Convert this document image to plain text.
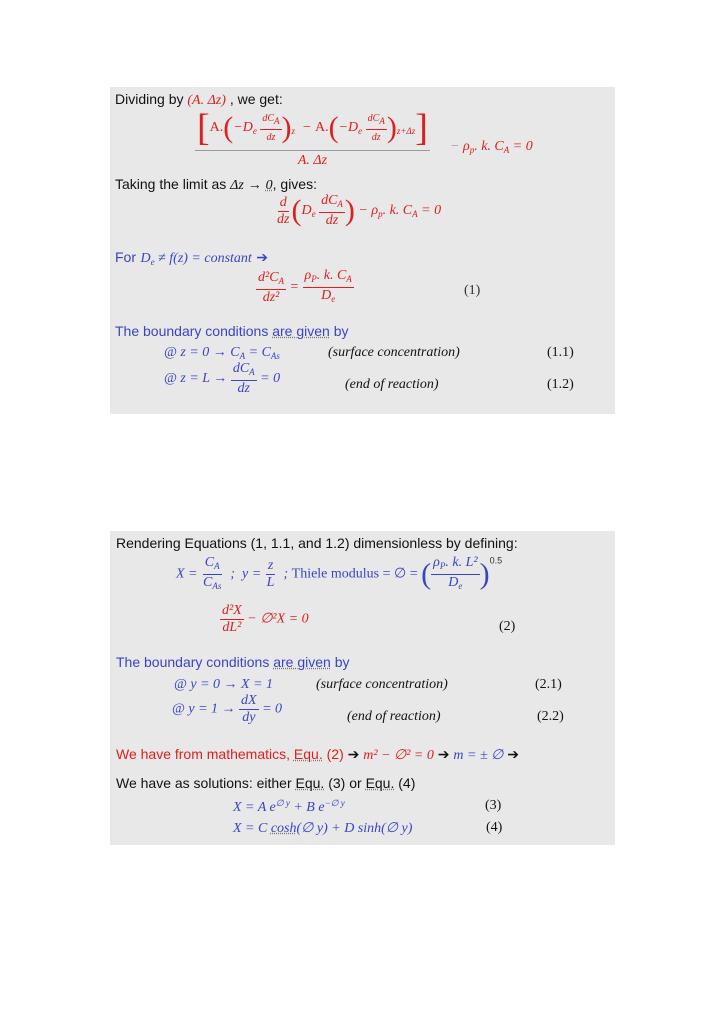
Dividing by (A. Δz) , we get:
$[A.(-D_e \frac{\text{dCA}}{dz} )_z - A.(-D_e \frac{\text{dCA}}{dz} )_{z+\Delta z}]$
A. Δz
− $\rho_p$. k. $C_A = 0$
Taking the limit as Δz → 0, gives:
$\frac{d}{dz} (D_e \frac{dC_A}{dz}$ ) − $\rho_p$. k. $C_A = 0$
For $D_e \ne f(z)$ = constant ➔
$\frac{d^2C_A}{\text{dz²}} = \frac{\rho_P. k. C_A}{D_e}$	(1)
The boundary conditions are given by
@ $z = 0 \to C_A = C_{As}$	(surface concentration)	(1.1)
@ $z = L \to \frac{dC_A}{dz} = 0$	(end of reaction)	(1.2)
Rendering Equations (1, 1.1, and 1.2) dimensionless by defining:
$X = \frac{C_A}{C_{As}}$ ;  $y = \frac{z}{L}$ ; Thiele modulus = ∅ = ( $\frac{\rho_P. k. L^2}{D_e} )^{0.5}$
$\frac{\text{d²X}}{\text{dL²}}$ − ∅²X = 0	(2)
The boundary conditions are given by
@ y = 0 → X = 1	(surface concentration)	(2.1)
@ $y = 1 \to \frac{dX}{dy} = 0$	(end of reaction)	(2.2)
We have from mathematics, Equ. (2) ➔ m² − ∅² = 0 ➔ m = ± ∅ ➔
We have as solutions: either Equ. (3) or Equ. (4)
X = A $e^{\emptyset y} + B$ $e^{-\emptyset y}$	(3)
X = C cosh(∅ y) + D sinh(∅ y)	(4)
